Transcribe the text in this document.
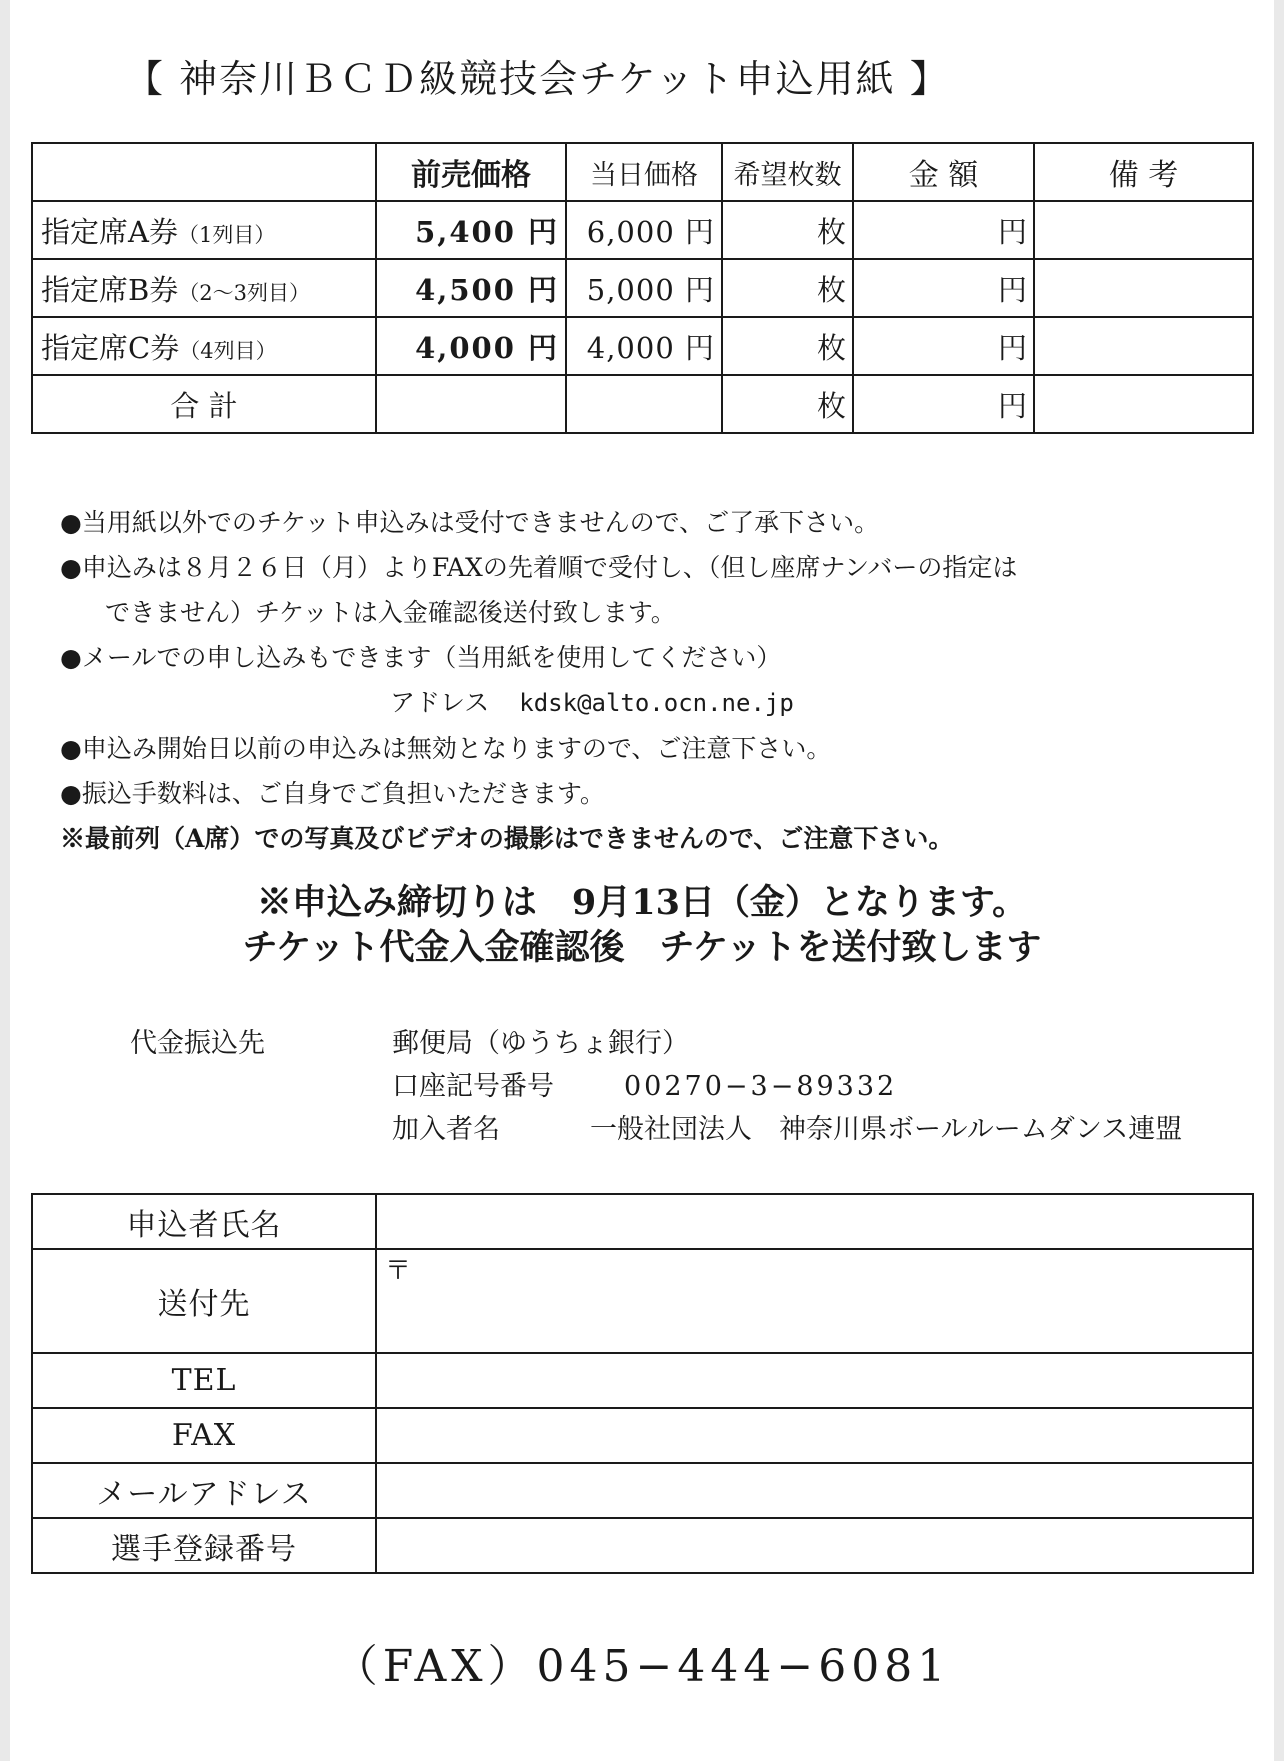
【 神奈川ＢＣＤ級競技会チケット申込用紙 】
	前売価格	当日価格	希望枚数	金 額	備 考
指定席A券（1列目）	5,400 円	6,000 円	枚	円	
指定席B券（2〜3列目）	4,500 円	5,000 円	枚	円	
指定席C券（4列目）	4,000 円	4,000 円	枚	円	
合 計			枚	円	

●当用紙以外でのチケット申込みは受付できませんので、ご了承下さい。

●申込みは８月２６日（月）よりFAXの先着順で受付し、（但し座席ナンバーの指定は

できません）チケットは入金確認後送付致します。

●メールでの申し込みもできます（当用紙を使用してください）

アドレス kdsk@alto.ocn.ne.jp

●申込み開始日以前の申込みは無効となりますので、ご注意下さい。

●振込手数料は、ご自身でご負担いただきます。

※最前列（A席）での写真及びビデオの撮影はできませんので、ご注意下さい。

※申込み締切りは　9月13日（金）となります。

チケット代金入金確認後　チケットを送付致します

代金振込先	郵便局（ゆうちょ銀行）

口座記号番号	00270−3−89332

加入者名	一般社団法人　神奈川県ボールルームダンス連盟

申込者氏名	
送付先	〒
TEL	
FAX	
メールアドレス	
選手登録番号	
（FAX）045−444−6081
